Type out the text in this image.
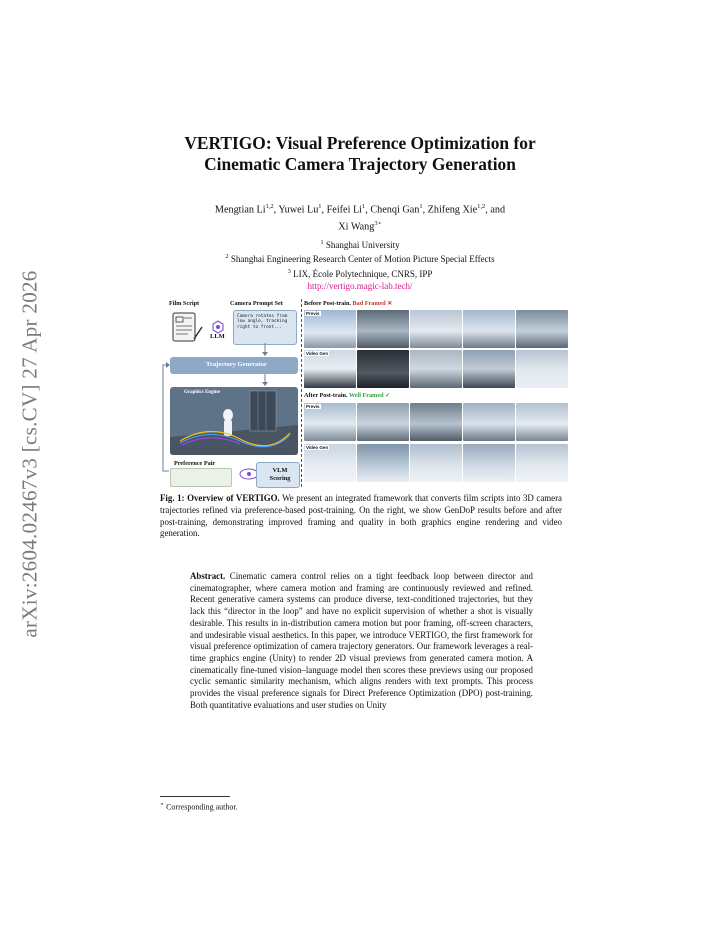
arXiv:2604.02467v3 [cs.CV] 27 Apr 2026
VERTIGO: Visual Preference Optimization for
Cinematic Camera Trajectory Generation
Mengtian Li$^{1,2}$, Yuwei Lu$^1$, Feifei Li$^1$, Chenqi Gan$^1$, Zhifeng Xie$^{1,2}$, and
Xi Wang$^{3⋆}$
$^1$ Shanghai University
$^2$ Shanghai Engineering Research Center of Motion Picture Special Effects
$^3$ LIX, École Polytechnique, CNRS, IPP
http://vertigo.magic-lab.tech/
Film Script	Camera Prompt Set
LLM
Camera rotates from low angle, tracking right to front...
Trajectory Generator
Graphics Engine
Preference Pair
VLM Scoring
Before Post-train. Bad Framed ✕
Previs
Video Gen
After Post-train. Well Framed ✓
Previs
Video Gen
Fig. 1: Overview of VERTIGO. We present an integrated framework that converts film scripts into 3D camera trajectories refined via preference-based post-training. On the right, we show GenDoP results before and after post-training, demonstrating improved framing and quality in both graphics engine rendering and video generation.
Abstract. Cinematic camera control relies on a tight feedback loop between director and cinematographer, where camera motion and framing are continuously reviewed and refined. Recent generative camera systems can produce diverse, text-conditioned trajectories, but they lack this “director in the loop” and have no explicit supervision of whether a shot is visually desirable. This results in in-distribution camera motion but poor framing, off-screen characters, and undesirable visual aesthetics. In this paper, we introduce VERTIGO, the first framework for visual preference optimization of camera trajectory generators. Our framework leverages a real-time graphics engine (Unity) to render 2D visual previews from generated camera motion. A cinematically fine-tuned vision–language model then scores these previews using our proposed cyclic semantic similarity mechanism, which aligns renders with text prompts. This process provides the visual preference signals for Direct Preference Optimization (DPO) post-training. Both quantitative evaluations and user studies on Unity
⋆ Corresponding author.
